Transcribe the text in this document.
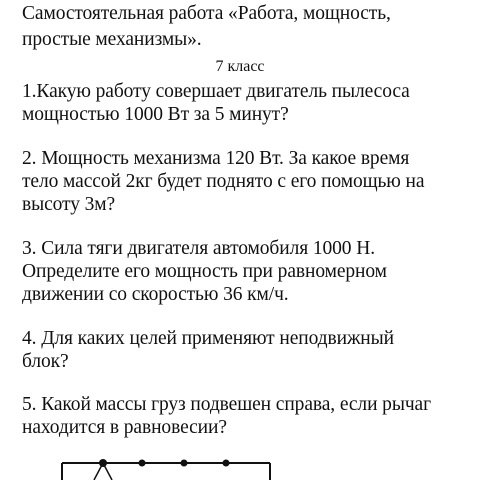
Самостоятельная работа «Работа, мощность,
простые механизмы».
7 класс
1.Какую работу совершает двигатель пылесоса
мощностью 1000 Вт за 5 минут?
2. Мощность механизма 120 Вт. За какое время
тело массой 2кг будет поднято с его помощью на
высоту 3м?
3. Сила тяги двигателя автомобиля 1000 Н.
Определите его мощность при равномерном
движении со скоростью 36 км/ч.
4. Для каких целей применяют неподвижный
блок?
5. Какой массы груз подвешен справа, если рычаг
находится в равновесии?
